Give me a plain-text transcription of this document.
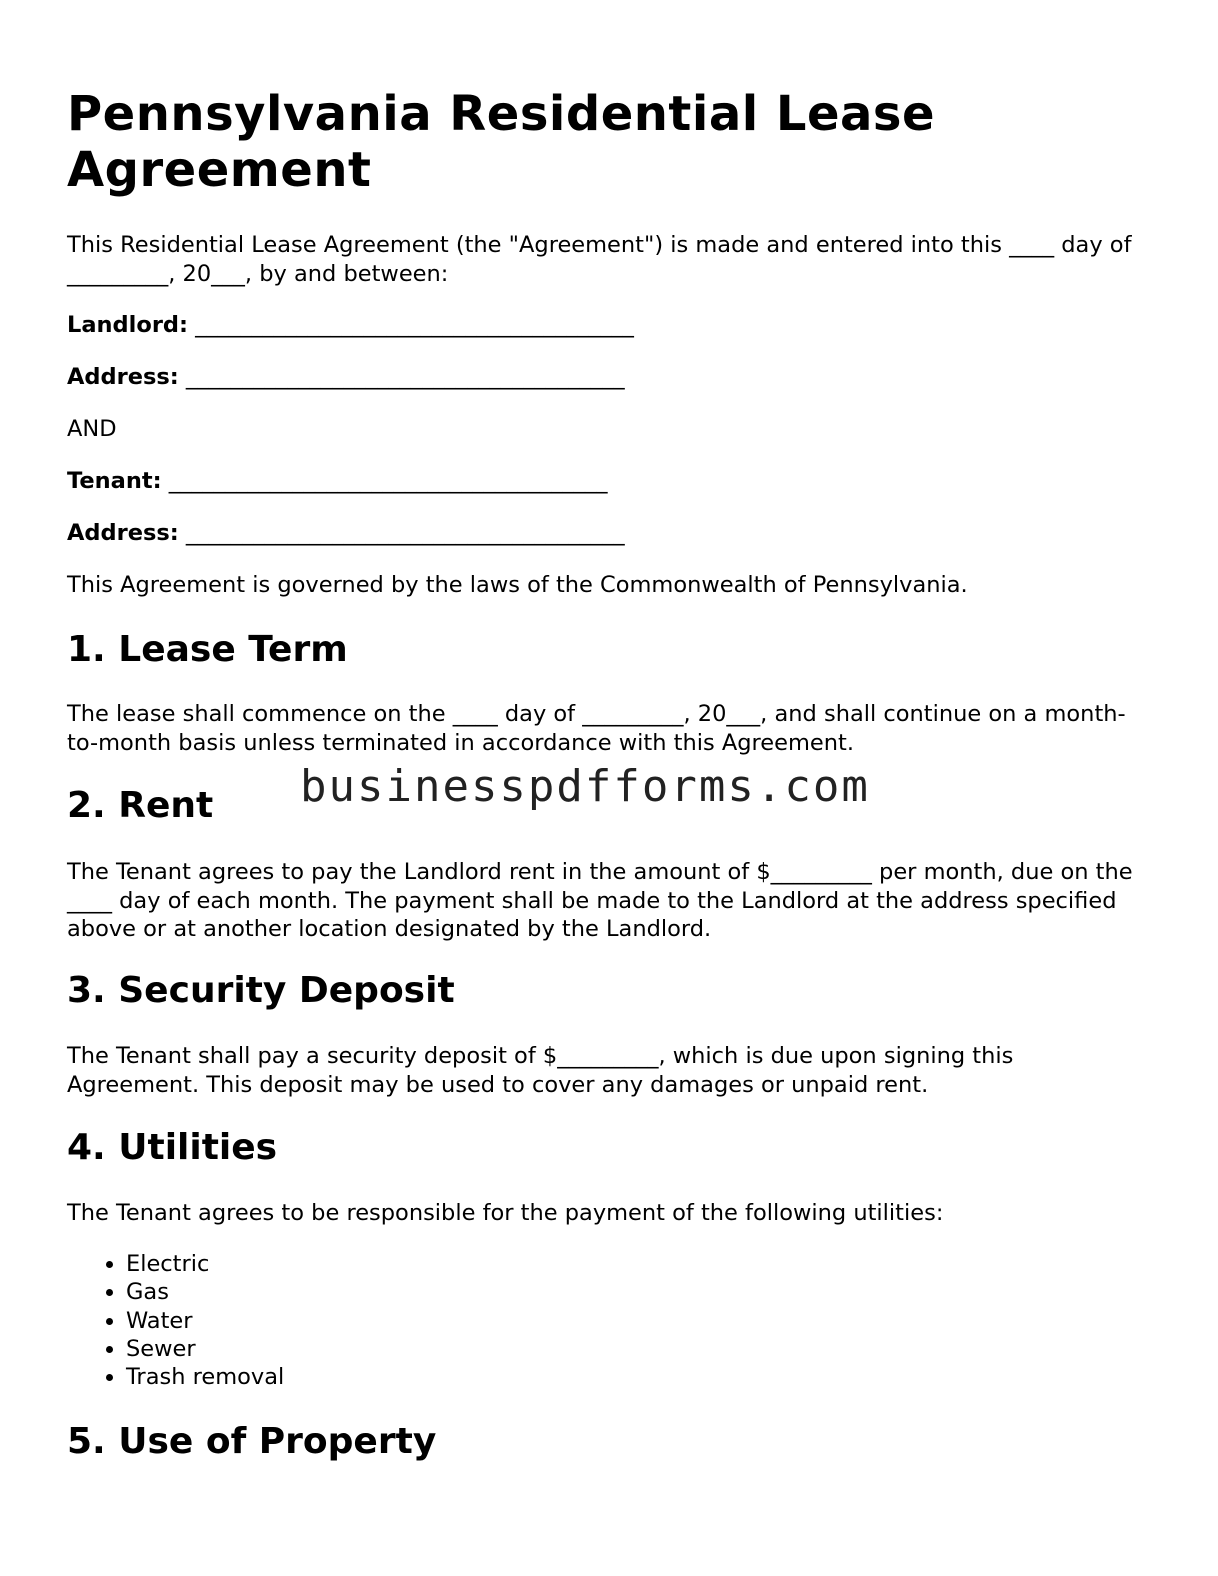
Pennsylvania Residential Lease Agreement

This Residential Lease Agreement (the "Agreement") is made and entered into this ____ day of _________, 20___, by and between:

Landlord: _______________________________________

Address: _______________________________________

AND

Tenant: _______________________________________

Address: _______________________________________

This Agreement is governed by the laws of the Commonwealth of Pennsylvania.

1. Lease Term

The lease shall commence on the ____ day of _________, 20___, and shall continue on a month-to-month basis unless terminated in accordance with this Agreement.

2. Rent

The Tenant agrees to pay the Landlord rent in the amount of $_________ per month, due on the ____ day of each month. The payment shall be made to the Landlord at the address specified above or at another location designated by the Landlord.

3. Security Deposit

The Tenant shall pay a security deposit of $_________, which is due upon signing this Agreement. This deposit may be used to cover any damages or unpaid rent.

4. Utilities

The Tenant agrees to be responsible for the payment of the following utilities:

• Electric
• Gas
• Water
• Sewer
• Trash removal
5. Use of Property
businesspdfforms.com
